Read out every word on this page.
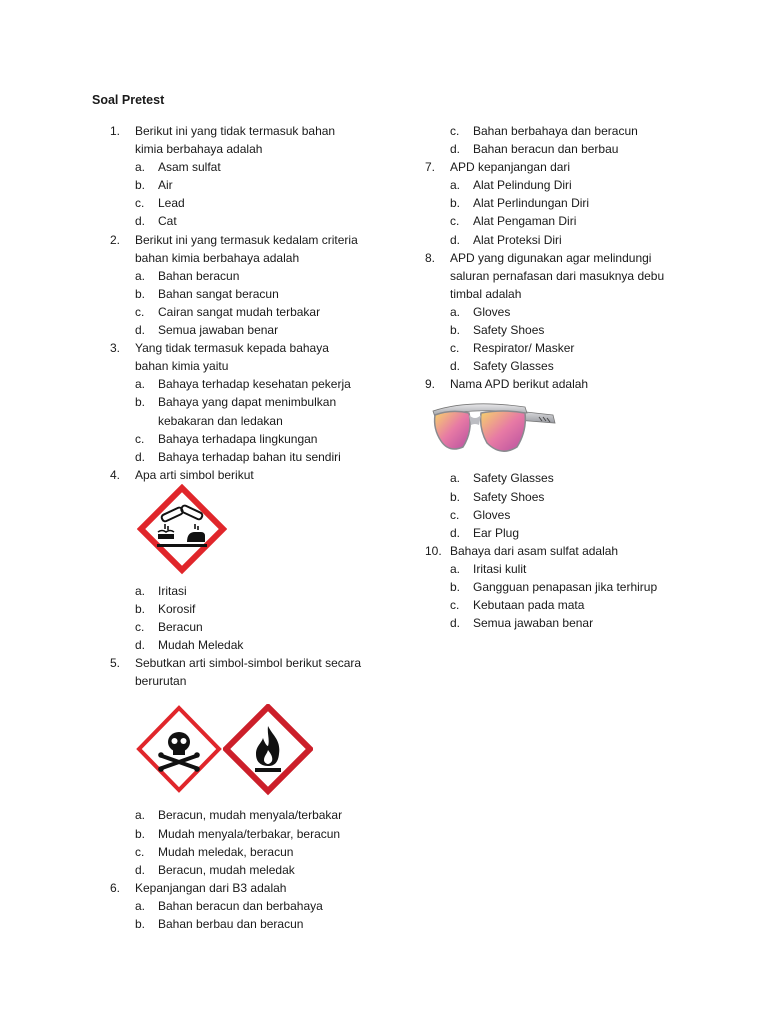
Soal Pretest
1.	Berikut ini yang tidak termasuk bahan kimia berbahaya adalah
a.	Asam sulfat
b.	Air
c.	Lead
d.	Cat
2.	Berikut ini yang termasuk kedalam criteria bahan kimia berbahaya adalah
a.	Bahan beracun
b.	Bahan sangat beracun
c.	Cairan sangat mudah terbakar
d.	Semua jawaban benar
3.	Yang tidak termasuk kepada bahaya bahan kimia yaitu
a.	Bahaya terhadap kesehatan pekerja
b.	Bahaya yang dapat menimbulkan kebakaran dan ledakan
c.	Bahaya terhadapa lingkungan
d.	Bahaya terhadap bahan itu sendiri
4.	Apa arti simbol berikut
a.	Iritasi
b.	Korosif
c.	Beracun
d.	Mudah Meledak
5.	Sebutkan arti simbol-simbol berikut secara berurutan
a.	Beracun, mudah menyala/terbakar
b.	Mudah menyala/terbakar, beracun
c.	Mudah meledak, beracun
d.	Beracun, mudah meledak
6.	Kepanjangan dari B3 adalah
a.	Bahan beracun dan berbahaya
b.	Bahan berbau dan beracun
c.	Bahan berbahaya dan beracun
d.	Bahan beracun dan berbau
7.	APD kepanjangan dari
a.	Alat Pelindung Diri
b.	Alat Perlindungan Diri
c.	Alat Pengaman Diri
d.	Alat Proteksi Diri
8.	APD yang digunakan agar melindungi saluran pernafasan dari masuknya debu timbal adalah
a.	Gloves
b.	Safety Shoes
c.	Respirator/ Masker
d.	Safety Glasses
9.	Nama APD berikut adalah
a.	Safety Glasses
b.	Safety Shoes
c.	Gloves
d.	Ear Plug
10. Bahaya dari asam sulfat adalah
a.	Iritasi kulit
b.	Gangguan penapasan jika terhirup
c.	Kebutaan pada mata
d.	Semua jawaban benar
